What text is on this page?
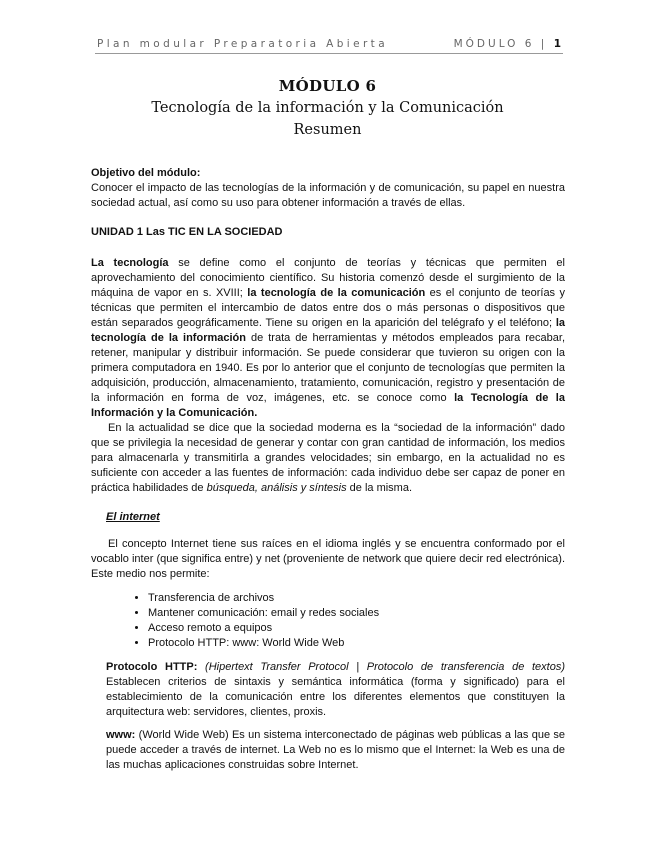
Plan modular Preparatoria Abierta	MÓDULO 6 | 1
MÓDULO 6
Tecnología de la información y la Comunicación
Resumen

Objetivo del módulo:

Conocer el impacto de las tecnologías de la información y de comunicación, su papel en nuestra sociedad actual, así como su uso para obtener información a través de ellas.

UNIDAD 1 Las TIC EN LA SOCIEDAD

La tecnología se define como el conjunto de teorías y técnicas que permiten el aprovechamiento del conocimiento científico. Su historia comenzó desde el surgimiento de la máquina de vapor en s. XVIII; la tecnología de la comunicación es el conjunto de teorías y técnicas que permiten el intercambio de datos entre dos o más personas o dispositivos que están separados geográficamente. Tiene su origen en la aparición del telégrafo y el teléfono; la tecnología de la información de trata de herramientas y métodos empleados para recabar, retener, manipular y distribuir información. Se puede considerar que tuvieron su origen con la primera computadora en 1940. Es por lo anterior que el conjunto de tecnologías que permiten la adquisición, producción, almacenamiento, tratamiento, comunicación, registro y presentación de la información en forma de voz, imágenes, etc. se conoce como la Tecnología de la Información y la Comunicación.

En la actualidad se dice que la sociedad moderna es la “sociedad de la información” dado que se privilegia la necesidad de generar y contar con gran cantidad de información, los medios para almacenarla y transmitirla a grandes velocidades; sin embargo, en la actualidad no es suficiente con acceder a las fuentes de información: cada individuo debe ser capaz de poner en práctica habilidades de búsqueda, análisis y síntesis de la misma.

El internet

El concepto Internet tiene sus raíces en el idioma inglés y se encuentra conformado por el vocablo inter (que significa entre) y net (proveniente de network que quiere decir red electrónica). Este medio nos permite:

• Transferencia de archivos
• Mantener comunicación: email y redes sociales
• Acceso remoto a equipos
• Protocolo HTTP: www: World Wide Web

Protocolo HTTP: (Hipertext Transfer Protocol | Protocolo de transferencia de textos) Establecen criterios de sintaxis y semántica informática (forma y significado) para el establecimiento de la comunicación entre los diferentes elementos que constituyen la arquitectura web: servidores, clientes, proxis.

www: (World Wide Web) Es un sistema interconectado de páginas web públicas a las que se puede acceder a través de internet. La Web no es lo mismo que el Internet: la Web es una de las muchas aplicaciones construidas sobre Internet.
